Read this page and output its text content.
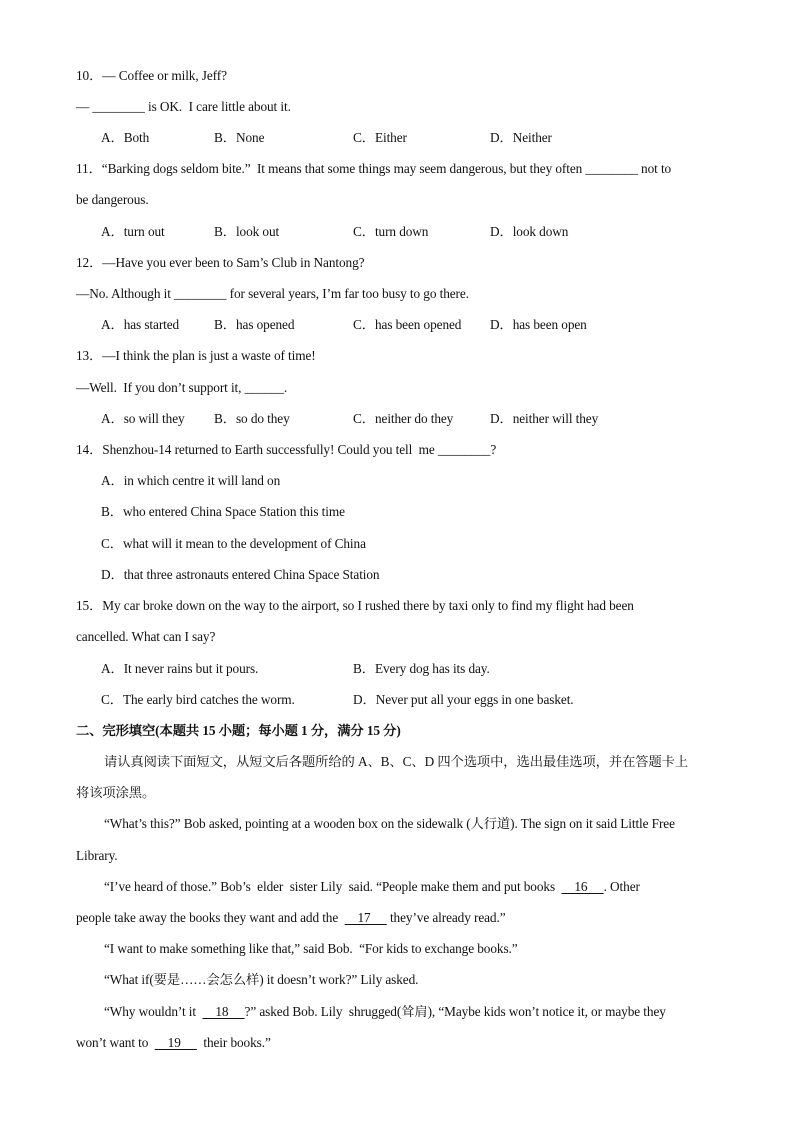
10．— Coffee or milk, Jeff?
— ________ is OK.  I care little about it.
A．Both	B．None	C．Either	D．Neither
11．“Barking dogs seldom bite.”  It means that some things may seem dangerous, but they often ________ not to
be dangerous.
A．turn out	B．look out	C．turn down	D．look down
12．—Have you ever been to Sam’s Club in Nantong?
—No. Although it ________ for several years, I’m far too busy to go there.
A．has started	B．has opened	C．has been opened D．has been open
13．—I think the plan is just a waste of time!
—Well.  If you don’t support it, ______.
A．so will they B．so do they	C．neither do they	D．neither will they
14．Shenzhou-14 returned to Earth successfully! Could you tell  me ________?
A．in which centre it will land on
B．who entered China Space Station this time
C．what will it mean to the development of China
D．that three astronauts entered China Space Station
15．My car broke down on the way to the airport, so I rushed there by taxi only to find my flight had been
cancelled. What can I say?
A．It never rains but it pours.	B．Every dog has its day.
C．The early bird catches the worm.	D．Never put all your eggs in one basket.
二、完形填空(本题共 15 小题；每小题 1 分，满分 15 分)
请认真阅读下面短文，从短文后各题所给的 A、B、C、D 四个选项中，选出最佳选项，并在答题卡上
将该项涂黑。
“What’s this?” Bob asked, pointing at a wooden box on the sidewalk (人行道). The sign on it said Little Free
Library.
“I’ve heard of those.” Bob’s  elder  sister Lily  said. “People make them and put books      16     . Other
people take away the books they want and add the      17      they’ve already read.”
“I want to make something like that,” said Bob.  “For kids to exchange books.”
“What if(要是……会怎么样) it doesn’t work?” Lily asked.
“Why wouldn’t it      18     ?” asked Bob. Lily  shrugged(耸肩), “Maybe kids won’t notice it, or maybe they
won’t want to      19       their books.”
